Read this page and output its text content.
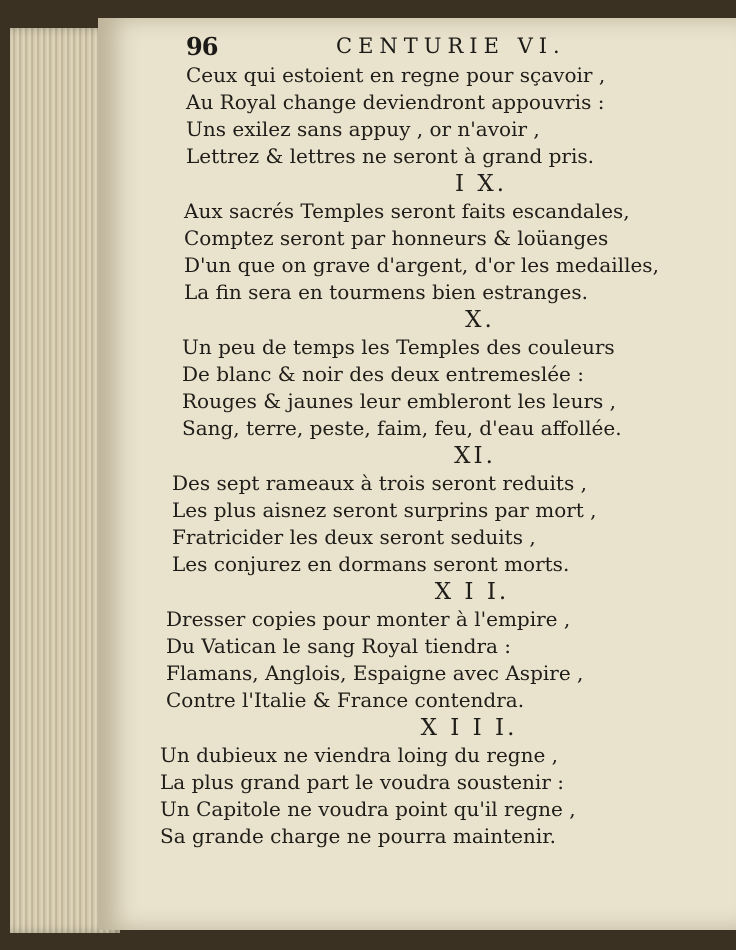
96	CENTURIE VI.
Ceux qui estoient en regne pour sçavoir ,
Au Royal change deviendront appouvris :
Uns exilez sans appuy , or n'avoir ,
Lettrez & lettres ne seront à grand pris.
I X.
Aux sacrés Temples seront faits escandales,
Comptez seront par honneurs & loüanges
D'un que on grave d'argent, d'or les medailles,
La fin sera en tourmens bien estranges.
X.
Un peu de temps les Temples des couleurs
De blanc & noir des deux entremeslée :
Rouges & jaunes leur embleront les leurs ,
Sang, terre, peste, faim, feu, d'eau affollée.
XI.
Des sept rameaux à trois seront reduits ,
Les plus aisnez seront surprins par mort ,
Fratricider les deux seront seduits ,
Les conjurez en dormans seront morts.
X I I.
Dresser copies pour monter à l'empire ,
Du Vatican le sang Royal tiendra :
Flamans, Anglois, Espaigne avec Aspire ,
Contre l'Italie & France contendra.
X I I I.
Un dubieux ne viendra loing du regne ,
La plus grand part le voudra soustenir :
Un Capitole ne voudra point qu'il regne ,
Sa grande charge ne pourra maintenir.
